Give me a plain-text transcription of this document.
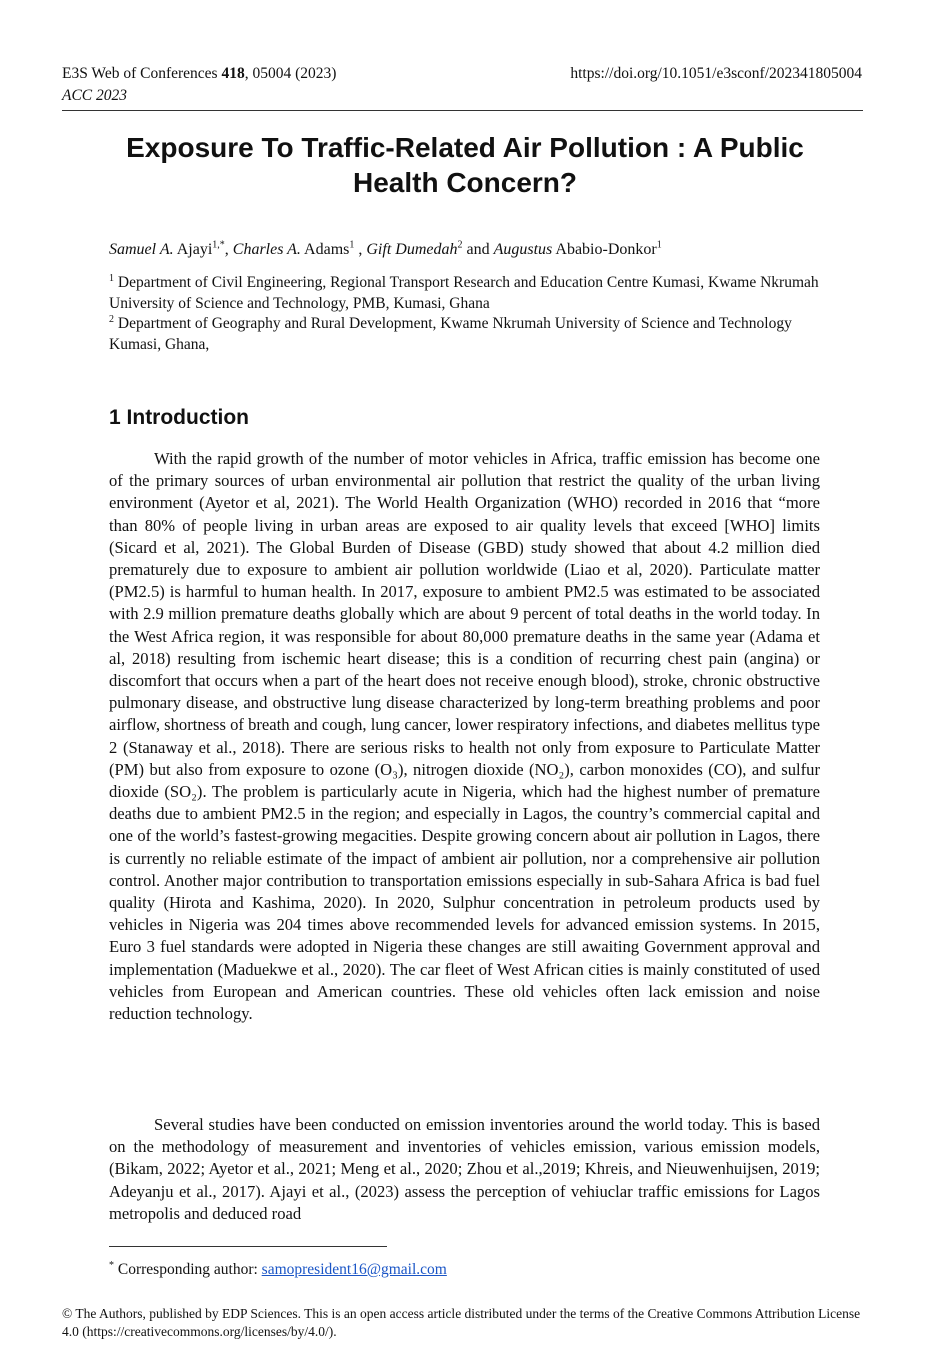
E3S Web of Conferences 418, 05004 (2023)	https://doi.org/10.1051/e3sconf/202341805004
ACC 2023
Exposure To Traffic-Related Air Pollution : A Public Health Concern?
Samuel A. Ajayi$^{1,*}$, Charles A. Adams$^1$ , Gift Dumedah$^2$ and Augustus Ababio-Donkor$^1$
$^1$ Department of Civil Engineering, Regional Transport Research and Education Centre Kumasi, Kwame Nkrumah University of Science and Technology, PMB, Kumasi, Ghana
$^2$ Department of Geography and Rural Development, Kwame Nkrumah University of Science and Technology Kumasi, Ghana,
1 Introduction

With the rapid growth of the number of motor vehicles in Africa, traffic emission has become one of the primary sources of urban environmental air pollution that restrict the quality of the urban living environment (Ayetor et al, 2021). The World Health Organization (WHO) recorded in 2016 that “more than 80% of people living in urban areas are exposed to air quality levels that exceed [WHO] limits (Sicard et al, 2021). The Global Burden of Disease (GBD) study showed that about 4.2 million died prematurely due to exposure to ambient air pollution worldwide (Liao et al, 2020). Particulate matter (PM2.5) is harmful to human health. In 2017, exposure to ambient PM2.5 was estimated to be associated with 2.9 million premature deaths globally which are about 9 percent of total deaths in the world today. In the West Africa region, it was responsible for about 80,000 premature deaths in the same year (Adama et al, 2018) resulting from ischemic heart disease; this is a condition of recurring chest pain (angina) or discomfort that occurs when a part of the heart does not receive enough blood), stroke, chronic obstructive pulmonary disease, and obstructive lung disease characterized by long-term breathing problems and poor airflow, shortness of breath and cough, lung cancer, lower respiratory infections, and diabetes mellitus type 2 (Stanaway et al., 2018). There are serious risks to health not only from exposure to Particulate Matter (PM) but also from exposure to ozone (O₃), nitrogen dioxide (NO₂), carbon monoxides (CO), and sulfur dioxide (SO₂). The problem is particularly acute in Nigeria, which had the highest number of premature deaths due to ambient PM2.5 in the region; and especially in Lagos, the country’s commercial capital and one of the world’s fastest-growing megacities. Despite growing concern about air pollution in Lagos, there is currently no reliable estimate of the impact of ambient air pollution, nor a comprehensive air pollution control. Another major contribution to transportation emissions especially in sub-Sahara Africa is bad fuel quality (Hirota and Kashima, 2020). In 2020, Sulphur concentration in petroleum products used by vehicles in Nigeria was 204 times above recommended levels for advanced emission systems. In 2015, Euro 3 fuel standards were adopted in Nigeria these changes are still awaiting Government approval and implementation (Maduekwe et al., 2020). The car fleet of West African cities is mainly constituted of used vehicles from European and American countries. These old vehicles often lack emission and noise reduction technology.

Several studies have been conducted on emission inventories around the world today. This is based on the methodology of measurement and inventories of vehicles emission, various emission models, (Bikam, 2022; Ayetor et al., 2021; Meng et al., 2020; Zhou et al.,2019; Khreis, and Nieuwenhuijsen, 2019; Adeyanju et al., 2017). Ajayi et al., (2023) assess the perception of vehiuclar traffic emissions for Lagos metropolis and deduced road

* Corresponding author: samopresident16@gmail.com
© The Authors, published by EDP Sciences. This is an open access article distributed under the terms of the Creative Commons Attribution License 4.0 (https://creativecommons.org/licenses/by/4.0/).
